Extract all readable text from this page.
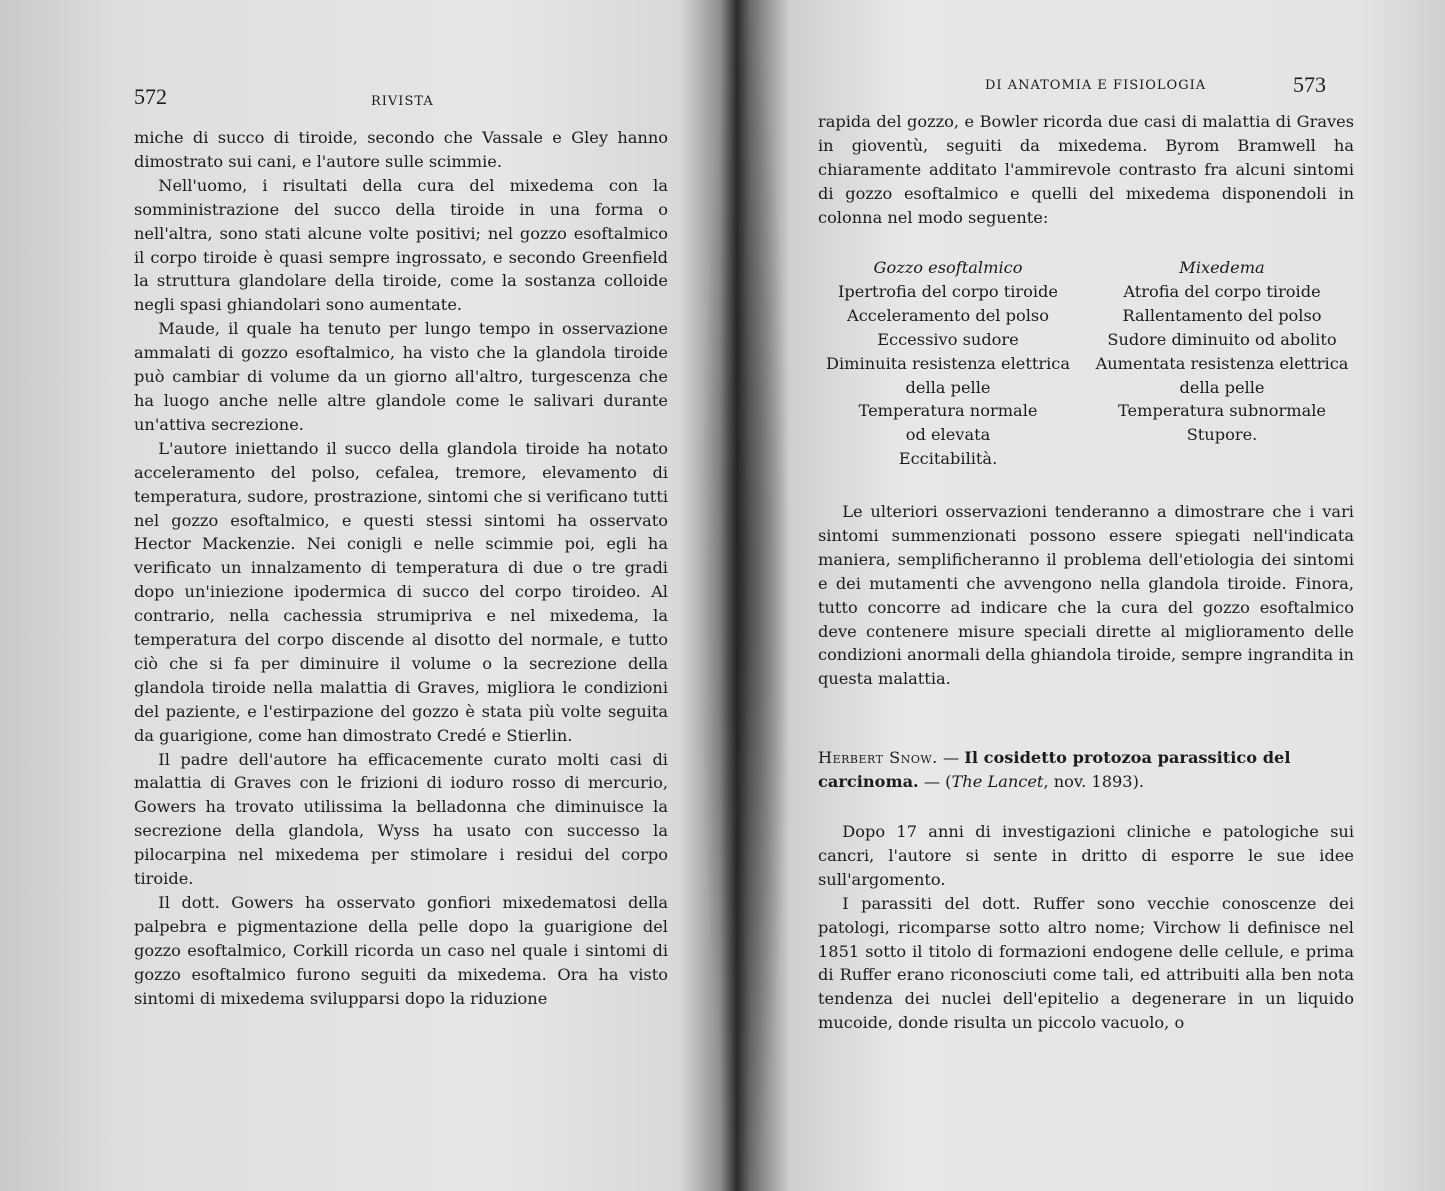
572	RIVISTA

miche di succo di tiroide, secondo che Vassale e Gley hanno dimostrato sui cani, e l'autore sulle scimmie.

Nell'uomo, i risultati della cura del mixedema con la somministrazione del succo della tiroide in una forma o nell'altra, sono stati alcune volte positivi; nel gozzo esoftalmico il corpo tiroide è quasi sempre ingrossato, e secondo Greenfield la struttura glandolare della tiroide, come la sostanza colloide negli spasi ghiandolari sono aumentate.

Maude, il quale ha tenuto per lungo tempo in osservazione ammalati di gozzo esoftalmico, ha visto che la glandola tiroide può cambiar di volume da un giorno all'altro, turgescenza che ha luogo anche nelle altre glandole come le salivari durante un'attiva secrezione.

L'autore iniettando il succo della glandola tiroide ha notato acceleramento del polso, cefalea, tremore, elevamento di temperatura, sudore, prostrazione, sintomi che si verificano tutti nel gozzo esoftalmico, e questi stessi sintomi ha osservato Hector Mackenzie. Nei conigli e nelle scimmie poi, egli ha verificato un innalzamento di temperatura di due o tre gradi dopo un'iniezione ipodermica di succo del corpo tiroideo. Al contrario, nella cachessia strumipriva e nel mixedema, la temperatura del corpo discende al disotto del normale, e tutto ciò che si fa per diminuire il volume o la secrezione della glandola tiroide nella malattia di Graves, migliora le condizioni del paziente, e l'estirpazione del gozzo è stata più volte seguita da guarigione, come han dimostrato Credé e Stierlin.

Il padre dell'autore ha efficacemente curato molti casi di malattia di Graves con le frizioni di ioduro rosso di mercurio, Gowers ha trovato utilissima la belladonna che diminuisce la secrezione della glandola, Wyss ha usato con successo la pilocarpina nel mixedema per stimolare i residui del corpo tiroide.

Il dott. Gowers ha osservato gonfiori mixedematosi della palpebra e pigmentazione della pelle dopo la guarigione del gozzo esoftalmico, Corkill ricorda un caso nel quale i sintomi di gozzo esoftalmico furono seguiti da mixedema. Ora ha visto sintomi di mixedema svilupparsi dopo la riduzione

DI ANATOMIA E FISIOLOGIA	573

rapida del gozzo, e Bowler ricorda due casi di malattia di Graves in gioventù, seguiti da mixedema. Byrom Bramwell ha chiaramente additato l'ammirevole contrasto fra alcuni sintomi di gozzo esoftalmico e quelli del mixedema disponendoli in colonna nel modo seguente:

Gozzo esoftalmico
Ipertrofia del corpo tiroide
Acceleramento del polso
Eccessivo sudore
Diminuita resistenza elettrica
della pelle
Temperatura normale
od elevata
Eccitabilità.
Mixedema
Atrofia del corpo tiroide
Rallentamento del polso
Sudore diminuito od abolito
Aumentata resistenza elettrica
della pelle
Temperatura subnormale
Stupore.

Le ulteriori osservazioni tenderanno a dimostrare che i vari sintomi summenzionati possono essere spiegati nell'indicata maniera, semplificheranno il problema dell'etiologia dei sintomi e dei mutamenti che avvengono nella glandola tiroide. Finora, tutto concorre ad indicare che la cura del gozzo esoftalmico deve contenere misure speciali dirette al miglioramento delle condizioni anormali della ghiandola tiroide, sempre ingrandita in questa malattia.

Herbert Snow. — Il cosidetto protozoa parassitico del carcinoma. — (The Lancet, nov. 1893).

Dopo 17 anni di investigazioni cliniche e patologiche sui cancri, l'autore si sente in dritto di esporre le sue idee sull'argomento.

I parassiti del dott. Ruffer sono vecchie conoscenze dei patologi, ricomparse sotto altro nome; Virchow li definisce nel 1851 sotto il titolo di formazioni endogene delle cellule, e prima di Ruffer erano riconosciuti come tali, ed attribuiti alla ben nota tendenza dei nuclei dell'epitelio a degenerare in un liquido mucoide, donde risulta un piccolo vacuolo, o
